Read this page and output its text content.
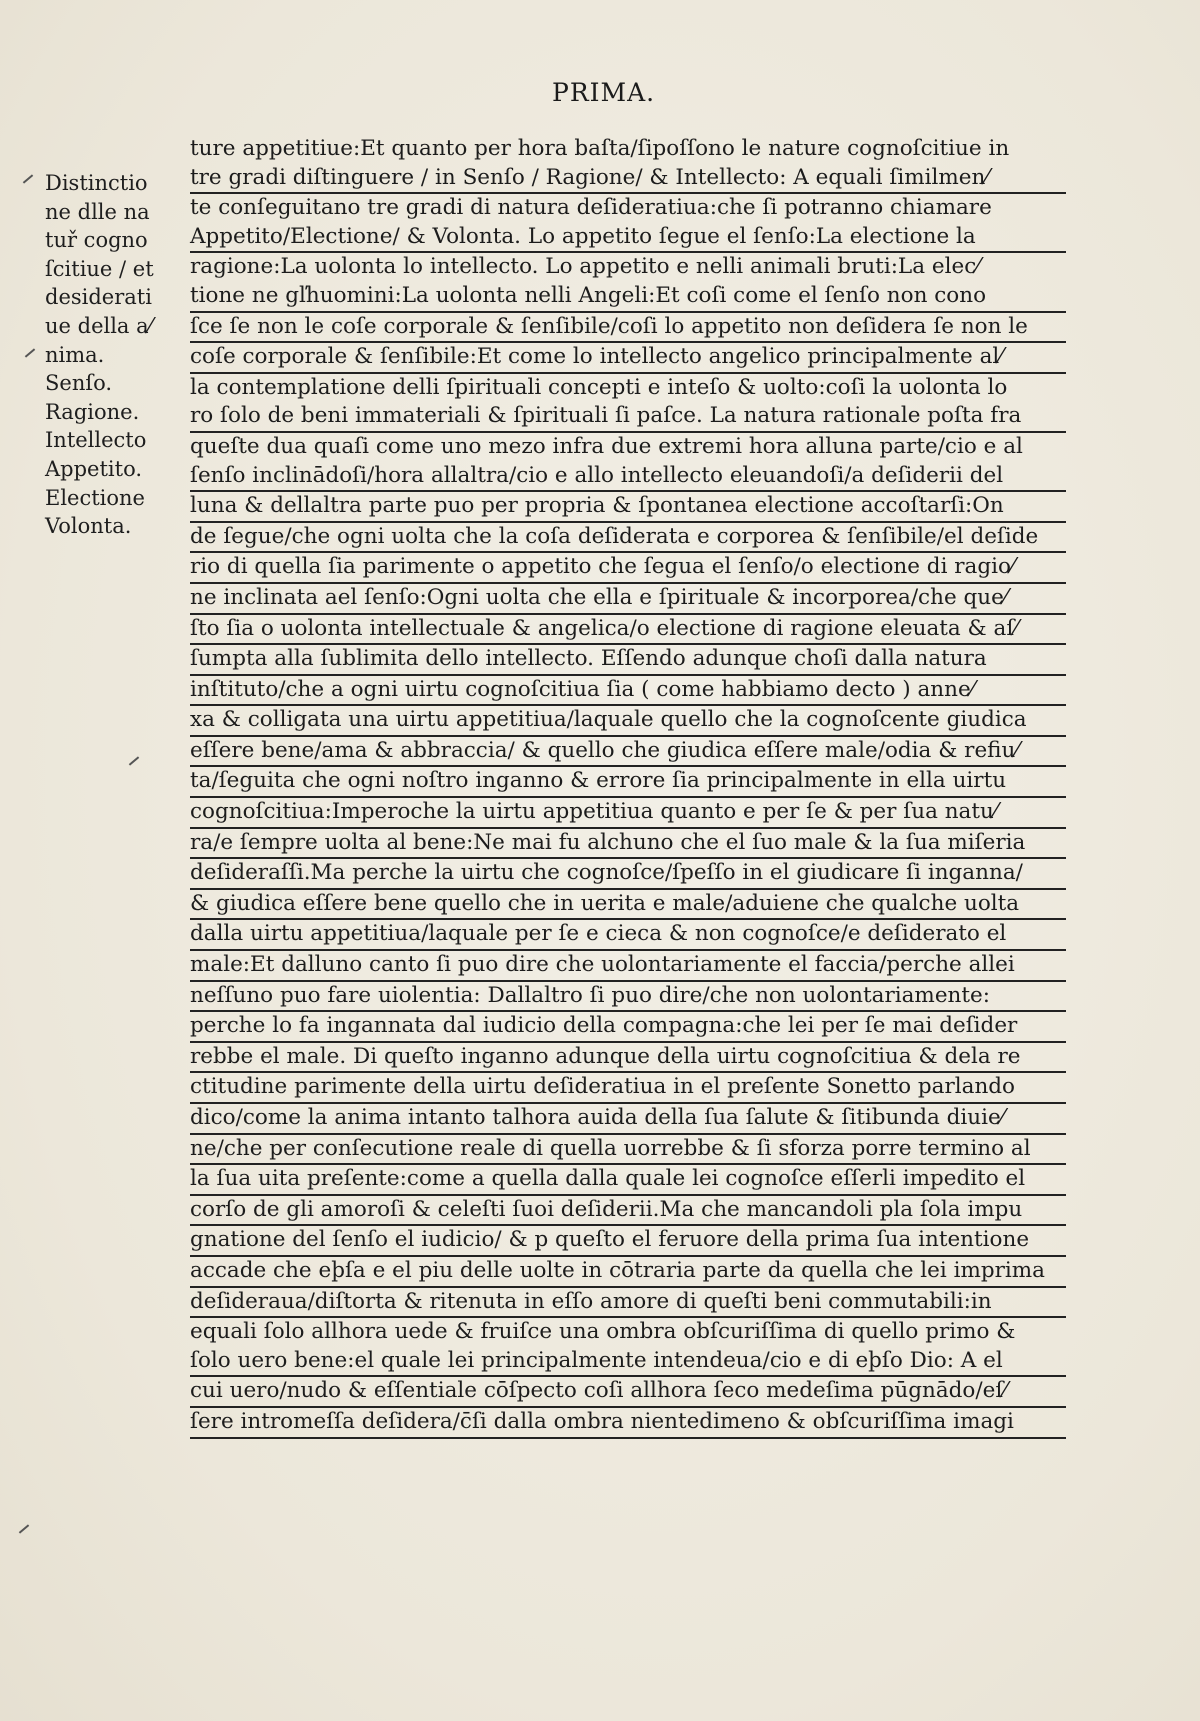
PRIMA.
Distinctio
ne dlle na
tuř cogno
ſcitiue / et
desiderati
ue della a⁄
nima.
Senſo.
Ragione.
Intellecto
Appetito.
Electione
Volonta.
ture appetitiue:Et quanto per hora baſta/ſipoſſono le nature cognoſcitiue in
tre gradi diſtinguere / in Senſo / Ragione/ & Intellecto: A equali ſimilmen⁄
te conſeguitano tre gradi di natura deſideratiua:che ſi potranno chiamare
Appetito/Electione/ & Volonta. Lo appetito ſegue el ſenſo:La electione la
ragione:La uolonta lo intellecto. Lo appetito e nelli animali bruti:La elec⁄
tione ne gľhuomini:La uolonta nelli Angeli:Et coſi come el ſenſo non cono
ſce ſe non le coſe corporale & ſenſibile/coſi lo appetito non deſidera ſe non le
coſe corporale & ſenſibile:Et come lo intellecto angelico principalmente al⁄
la contemplatione delli ſpirituali concepti e inteſo & uolto:coſi la uolonta lo
ro ſolo de beni immateriali & ſpirituali ſi paſce. La natura rationale poſta fra
queſte dua quaſi come uno mezo infra due extremi hora alluna parte/cio e al
ſenſo inclinādoſi/hora allaltra/cio e allo intellecto eleuandoſi/a deſiderii del
luna & dellaltra parte puo per propria & ſpontanea electione accoſtarſi:On
de ſegue/che ogni uolta che la coſa deſiderata e corporea & ſenſibile/el deſide
rio di quella ſia parimente o appetito che ſegua el ſenſo/o electione di ragio⁄
ne inclinata ael ſenſo:Ogni uolta che ella e ſpirituale & incorporea/che que⁄
ſto ſia o uolonta intellectuale & angelica/o electione di ragione eleuata & aſ⁄
ſumpta alla ſublimita dello intellecto. Eſſendo adunque choſi dalla natura
inſtituto/che a ogni uirtu cognoſcitiua ſia ( come habbiamo decto ) anne⁄
xa & colligata una uirtu appetitiua/laquale quello che la cognoſcente giudica
eſſere bene/ama & abbraccia/ & quello che giudica eſſere male/odia & refiu⁄
ta/ſeguita che ogni noſtro inganno & errore ſia principalmente in ella uirtu
cognoſcitiua:Imperoche la uirtu appetitiua quanto e per ſe & per ſua natu⁄
ra/e ſempre uolta al bene:Ne mai fu alchuno che el ſuo male & la ſua miſeria
deſideraſſi.Ma perche la uirtu che cognoſce/ſpeſſo in el giudicare ſi inganna/
& giudica eſſere bene quello che in uerita e male/aduiene che qualche uolta
dalla uirtu appetitiua/laquale per ſe e cieca & non cognoſce/e deſiderato el
male:Et dalluno canto ſi puo dire che uolontariamente el faccia/perche allei
neſſuno puo fare uiolentia: Dallaltro ſi puo dire/che non uolontariamente:
perche lo fa ingannata dal iudicio della compagna:che lei per ſe mai deſider
rebbe el male. Di queſto inganno adunque della uirtu cognoſcitiua & dela re
ctitudine parimente della uirtu deſideratiua in el preſente Sonetto parlando
dico/come la anima intanto talhora auida della ſua ſalute & ſitibunda diuie⁄
ne/che per conſecutione reale di quella uorrebbe & ſi sforza porre termino al
la ſua uita preſente:come a quella dalla quale lei cognoſce eſſerli impedito el
corſo de gli amoroſi & celeſti ſuoi deſiderii.Ma che mancandoli pla ſola impu
gnatione del ſenſo el iudicio/ & p queſto el feruore della prima ſua intentione
accade che eþſa e el piu delle uolte in cōtraria parte da quella che lei imprima
deſideraua/diſtorta & ritenuta in eſſo amore di queſti beni commutabili:in
equali ſolo allhora uede & fruiſce una ombra obſcuriſſima di quello primo &
ſolo uero bene:el quale lei principalmente intendeua/cio e di eþſo Dio: A el
cui uero/nudo & eſſentiale cōſpecto coſi allhora ſeco medeſima pūgnādo/eſ⁄
ſere intromeſſa deſidera/c̄ſi dalla ombra nientedimeno & obſcuriſſima imagi
